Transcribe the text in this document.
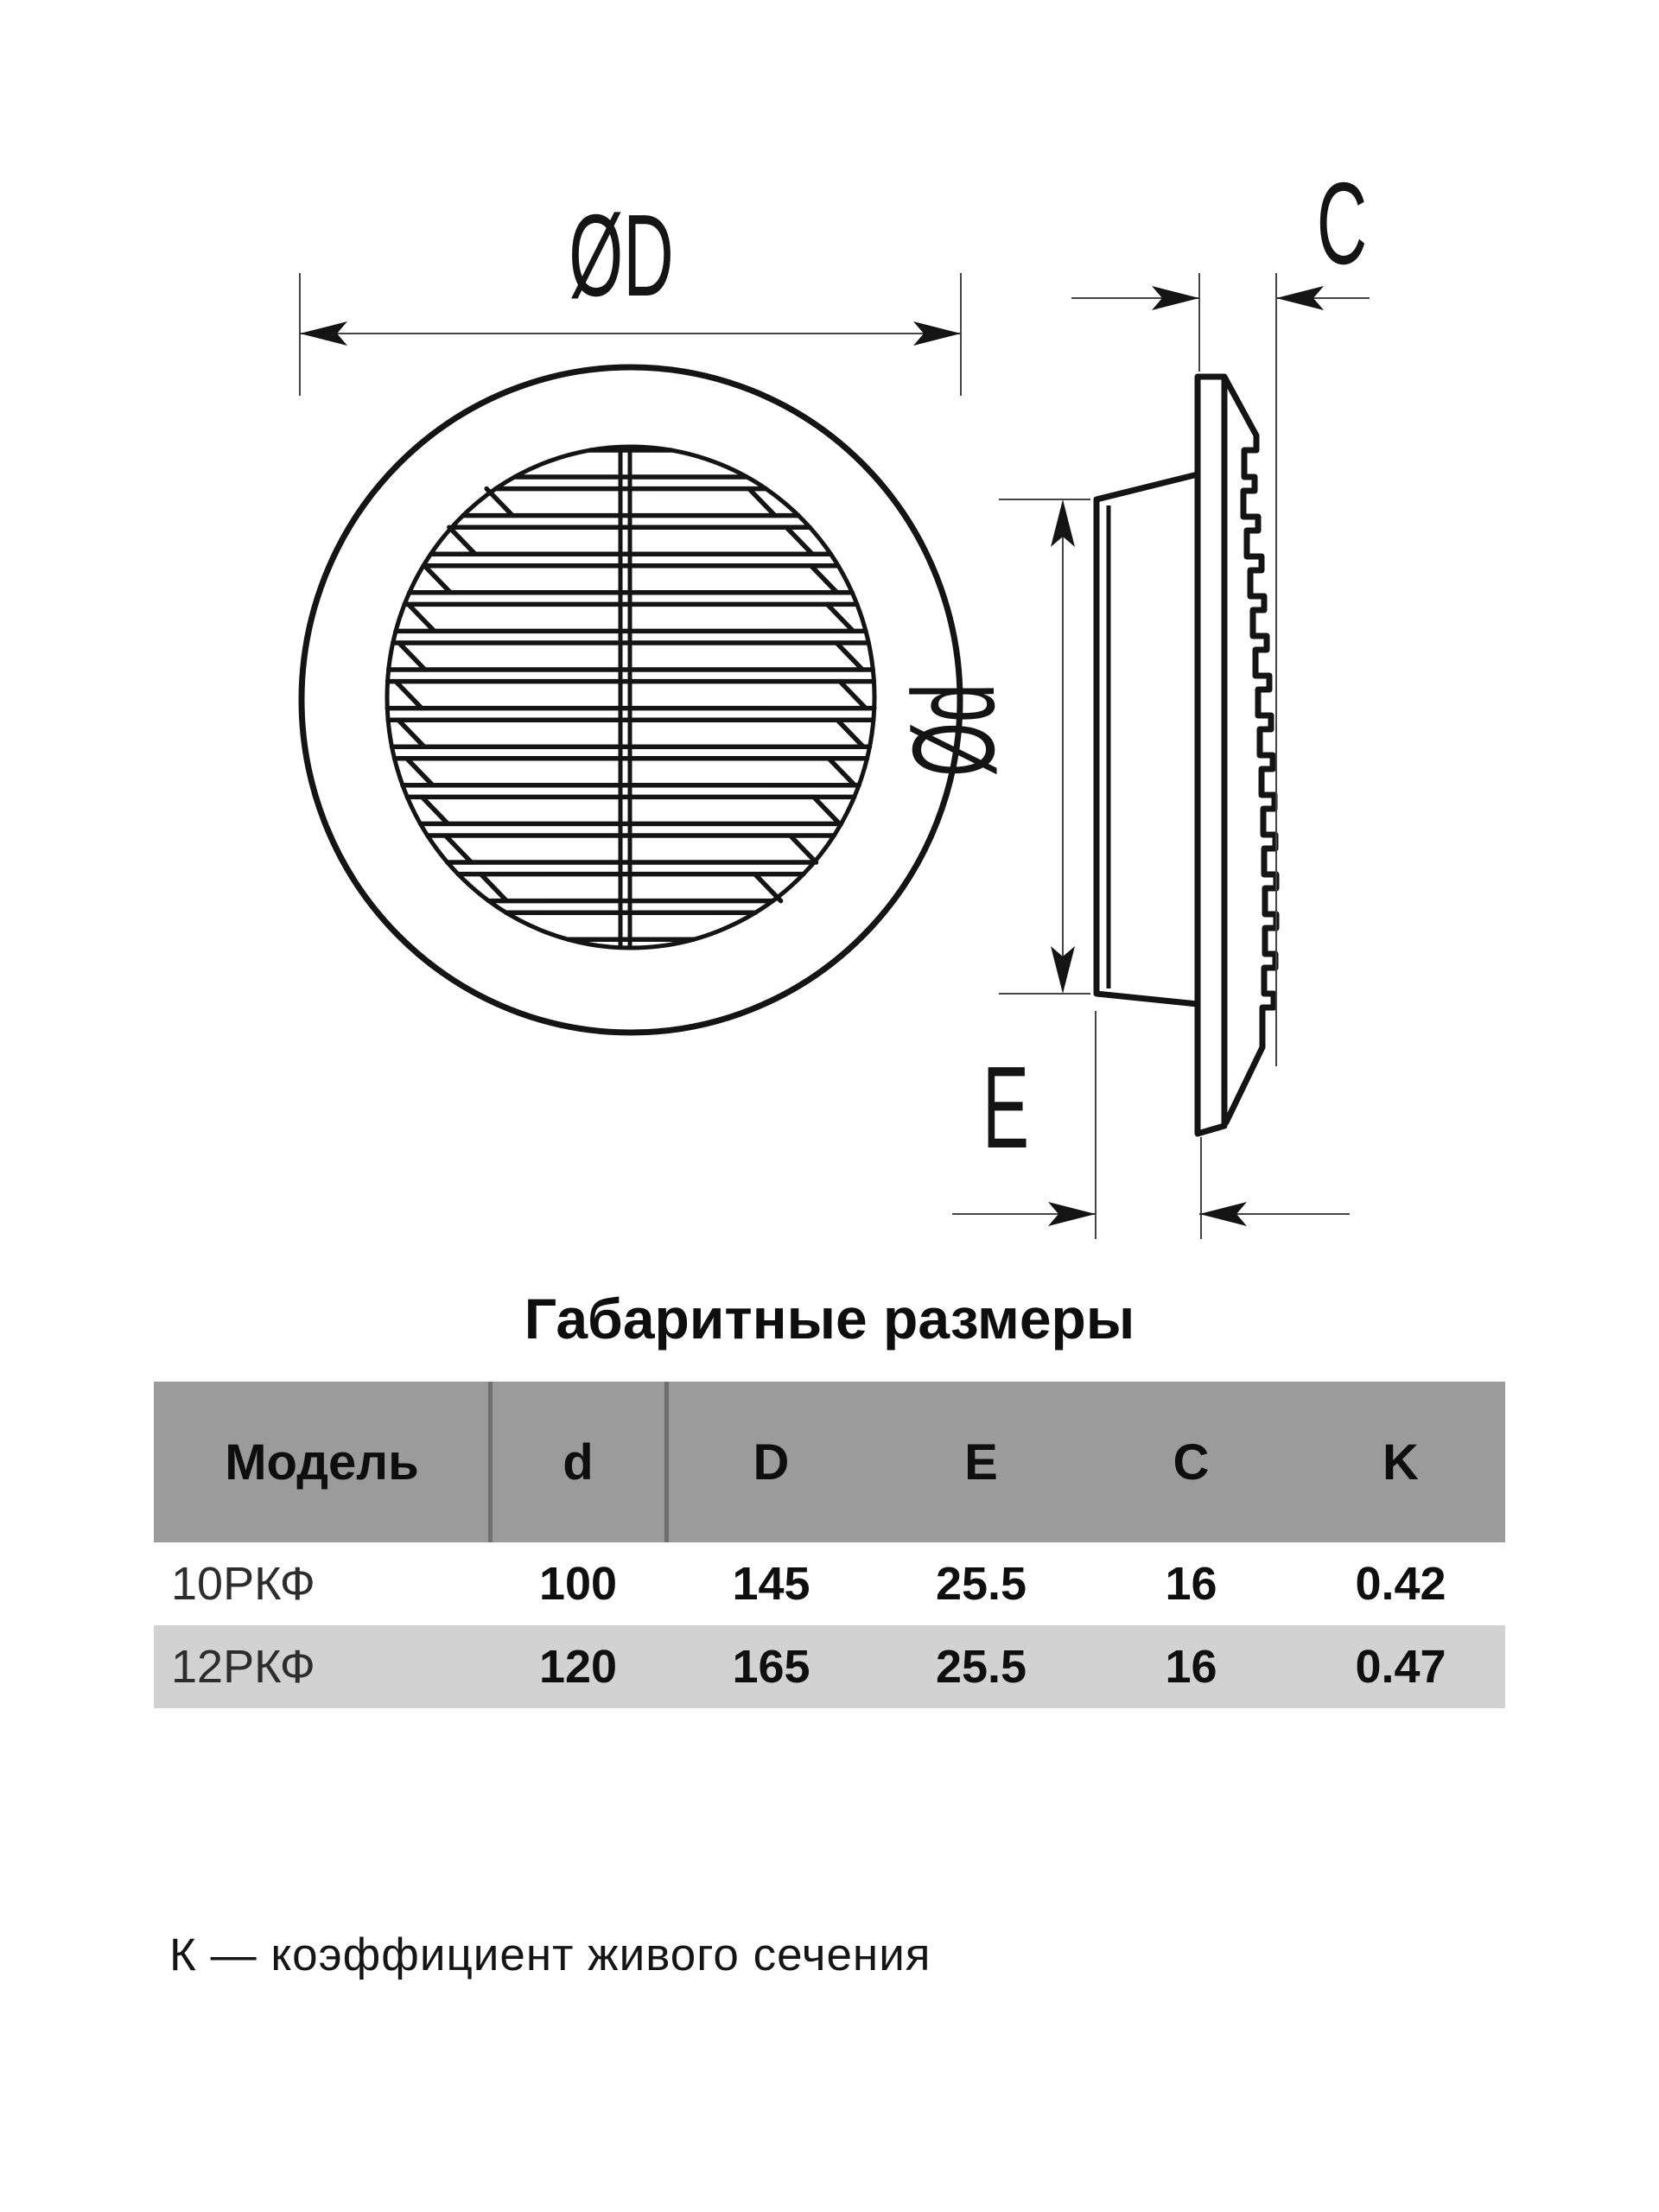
ØD	C
Ød
E
Габаритные размеры
Модель	d	D	E	C	K
10РКФ	100	145	25.5	16	0.42
12РКФ	120	165	25.5	16	0.47
К — коэффициент живого сечения
